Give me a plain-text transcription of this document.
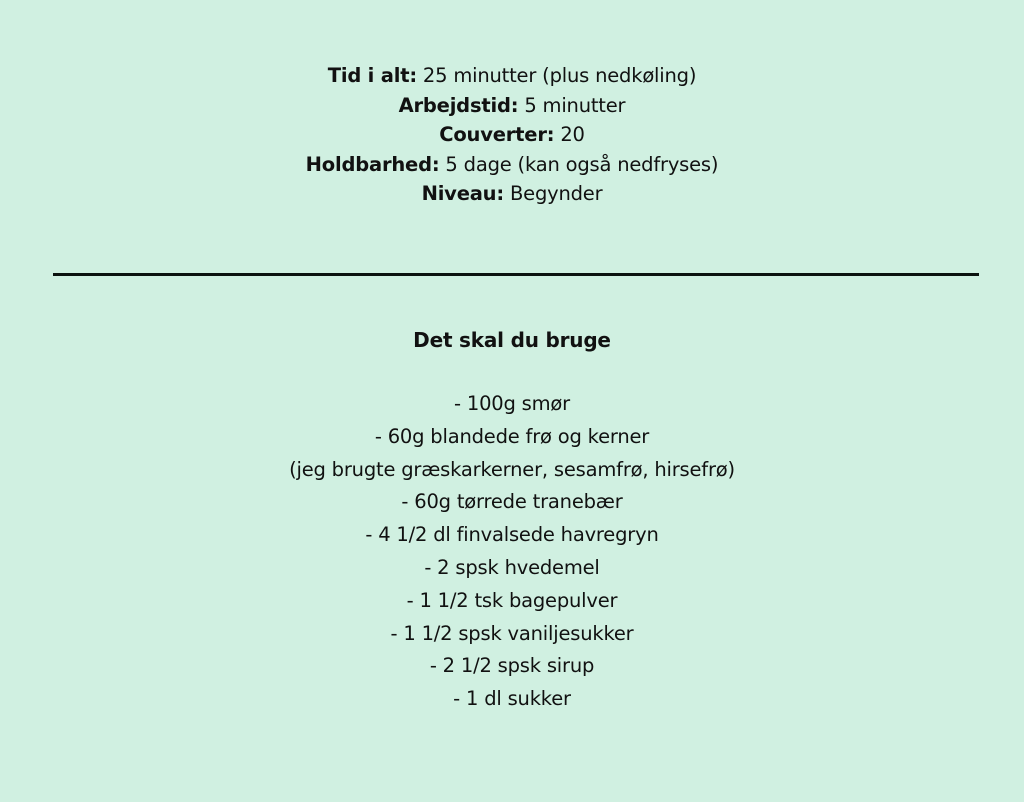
Tid i alt: 25 minutter (plus nedkøling)
Arbejdstid: 5 minutter
Couverter: 20
Holdbarhed: 5 dage (kan også nedfryses)
Niveau: Begynder
Det skal du bruge
- 100g smør
- 60g blandede frø og kerner
(jeg brugte græskarkerner, sesamfrø, hirsefrø)
- 60g tørrede tranebær
- 4 1/2 dl finvalsede havregryn
- 2 spsk hvedemel
- 1 1/2 tsk bagepulver
- 1 1/2 spsk vaniljesukker
- 2 1/2 spsk sirup
- 1 dl sukker
